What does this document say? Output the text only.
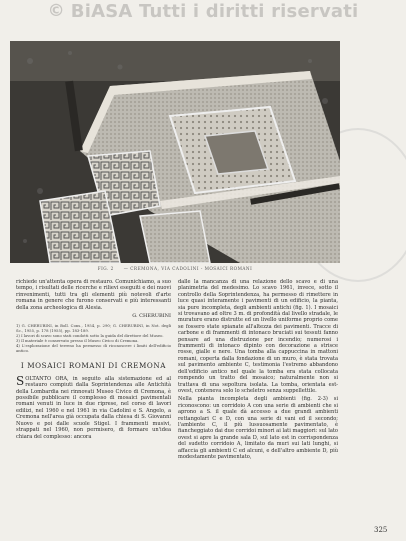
© BiASA Tutti i diritti riservati
FIG. 2 — CREMONA, VIA CADOLINI - MOSAICI ROMANI

richiede un'attenta opera di restauro. Comunichiamo, a suo tempo, i risultati delle ricerche e rilievi eseguiti e dei nuovi rinvenimenti, tutti tra gli elementi più notevoli d'arte romana in genere che furono conservati e più interessanti della zona archeologica di Alesia.

G. CHERUBINI

1) G. CHERUBINI, in Boll. Cons., 1954, p. 290; G. CHERUBINI, in Not. degli Sc., 1955, p. 178 (1955), pp. 183-189.

2) I lavori di scavo sono stati condotti sotto la guida del direttore del Museo.

3) Il materiale è conservato presso il Museo Civico di Cremona.

4) L'esplorazione del terreno ha permesso di riconoscere i limiti dell'edificio antico.

I MOSAICI ROMANI DI CREMONA

SOLTANTO ORA, in seguito alla sistemazione ed al restauro compiuti dalla Soprintendenza alle Antichità della Lombardia nei rinnovati Museo Civico di Cremona, è possibile pubblicare il complesso di mosaici pavimentali romani venuti in luce in due riprese, nel corso di lavori edilizi, nel 1960 e nel 1961 in via Cadolini e S. Angelo, a Cremona nell'area già occupata dalla chiesa di S. Giovanni Nuovo e poi dalle scuole Stigel. I frammenti musivi, strappati nel 1960, non permisero, di formare un'idea chiara del complesso: ancora

dalle la mancanza di una relazione dello scavo e di una planimetria del medesimo. Lo scavo 1961, invece, sotto il controllo della Soprintendenza, ha permesso di rimettere in luce quasi interamente i pavimenti di un edificio, la pianta, sia pure incompleta, degli ambienti antichi (fig. 1). I mosaici si trovavano ad oltre 3 m. di profondità dal livello stradale, le murature erano distrutte ed un livello uniforme proprio come se fossero state spianate all'altezza dei pavimenti. Tracce di carbone e di frammenti di intonaco bruciati sui tessuti fanno pensare ad una distruzione per incendio; numerosi i frammenti di intonaco dipinto con decorazione a strisce rosse, gialle e nere. Una tomba alla cappuccina in mattoni romani, coperta dalla fondazione di un muro, è stata trovata sul pavimento ambiente C, testimonia l'estremo abbandono dell'edificio antico nel quale la tomba era stata collocata rompendo un tratto del mosaico; naturalmente non si trattava di una sepoltura isolata. La tomba, orientata est-ovest, conteneva solo lo scheletro senza suppellettile.

Nella pianta incompleta degli ambienti (fig. 2-3) si riconoscono: un corridoio A con una serie di ambienti che si aprono a S. il quale dà accesso a due grandi ambienti rettangolari C e D, con una serie di vani ed il secondo; l'ambiente C, il più lussuosamente pavimentato, è fiancheggiato dai due corridoi minori ai lati maggiori: sul lato ovest si apre la grande sala D, sul lato est in corrispondenza del sudetto corridoio A, limitato da muri sui lati lunghi, si affaccia gli ambienti C ed alcuni, e dell'altro ambiente D, più modestamente pavimentato,

325
